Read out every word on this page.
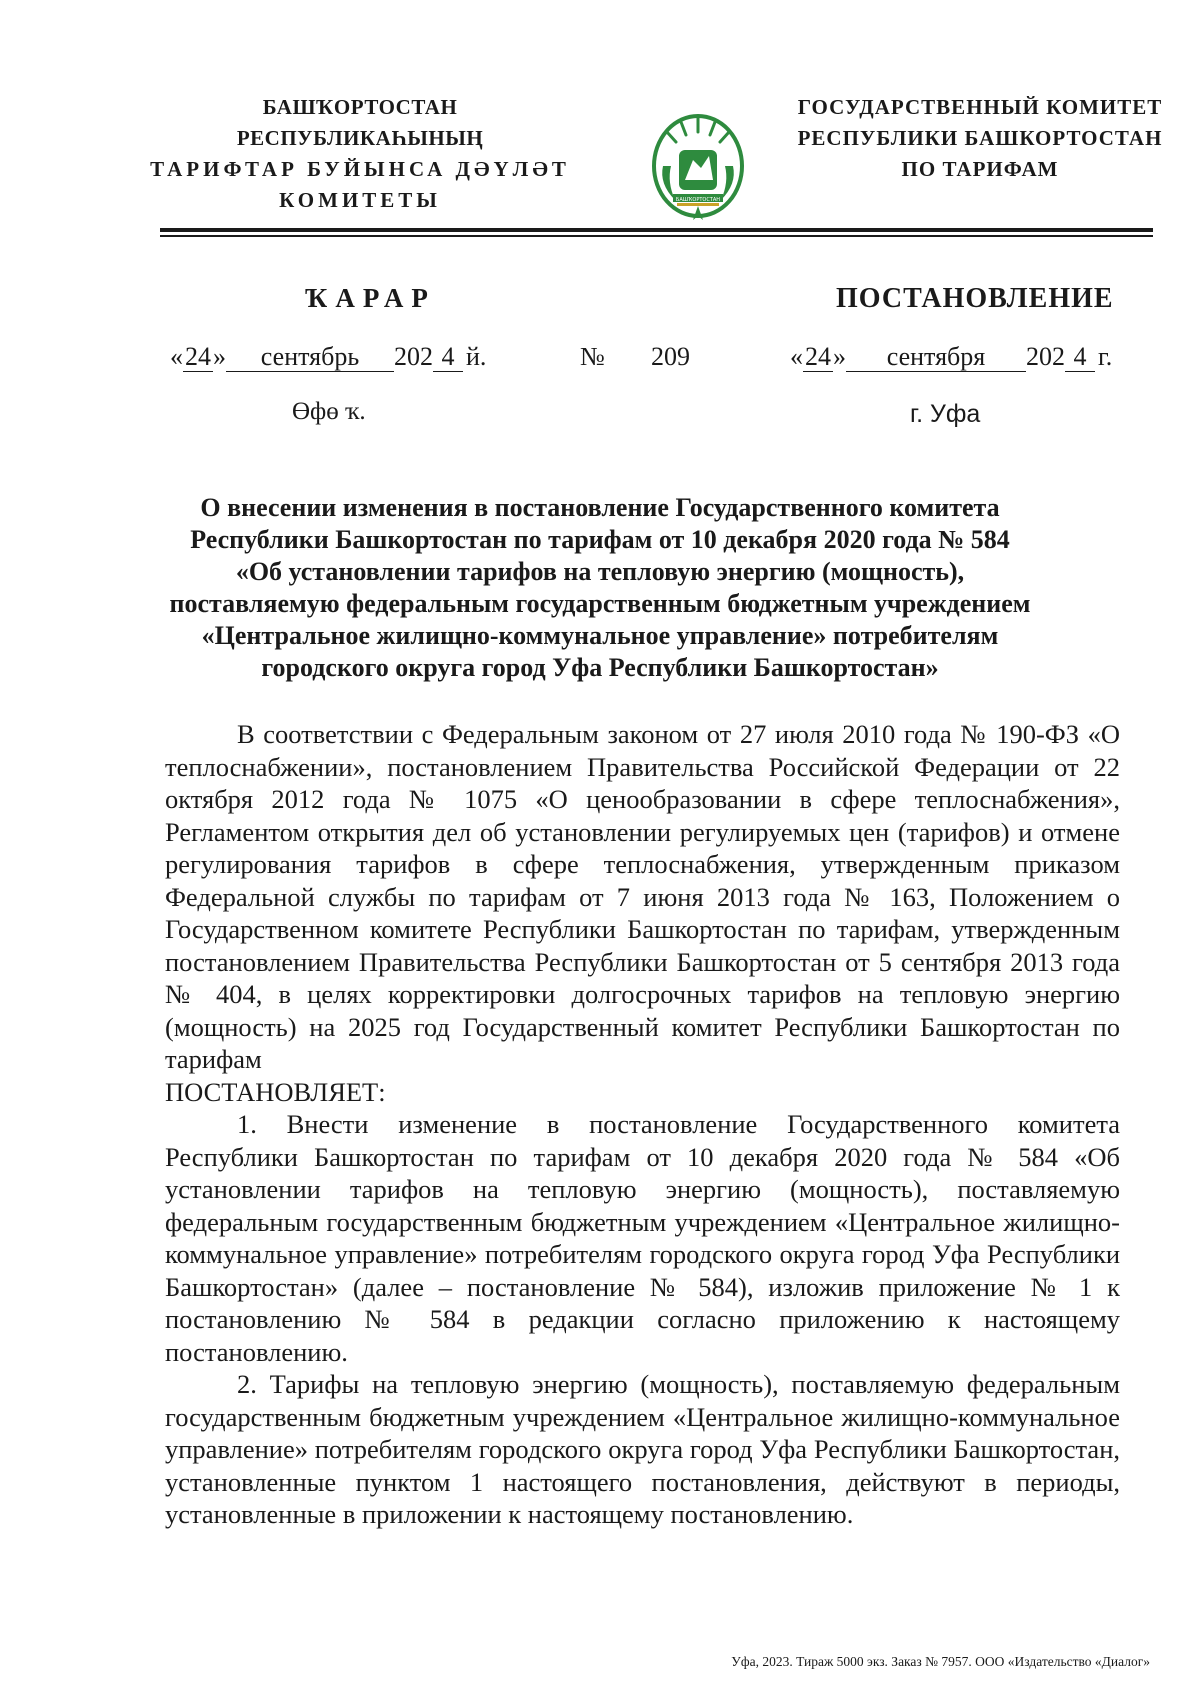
БАШҠОРТОСТАН РЕСПУБЛИКАҺЫНЫҢ
ТАРИФТАР БУЙЫНСА ДӘҮЛӘТ
КОМИТЕТЫ	БАШҠОРТОСТАН
ГОСУДАРСТВЕННЫЙ КОМИТЕТ
РЕСПУБЛИКИ БАШКОРТОСТАН
ПО ТАРИФАМ
ҠАРАР	ПОСТАНОВЛЕНИЕ
«24» сентябрь 202 4 й.	№ 209	«24» сентября 202 4 г.
Өфө ҡ.	г. Уфа
О внесении изменения в постановление Государственного комитета
Республики Башкортостан по тарифам от 10 декабря 2020 года № 584
«Об установлении тарифов на тепловую энергию (мощность),
поставляемую федеральным государственным бюджетным учреждением
«Центральное жилищно-коммунальное управление» потребителям
городского округа город Уфа Республики Башкортостан»

В соответствии с Федеральным законом от 27 июля 2010 года № 190-ФЗ «О теплоснабжении», постановлением Правительства Российской Федерации от 22 октября 2012 года № 1075 «О ценообразовании в сфере теплоснабжения», Регламентом открытия дел об установлении регулируемых цен (тарифов) и отмене регулирования тарифов в сфере теплоснабжения, утвержденным приказом Федеральной службы по тарифам от 7 июня 2013 года № 163, Положением о Государственном комитете Республики Башкортостан по тарифам, утвержденным постановлением Правительства Республики Башкортостан от 5 сентября 2013 года № 404, в целях корректировки долгосрочных тарифов на тепловую энергию (мощность) на 2025 год Государственный комитет Республики Башкортостан по тарифам

ПОСТАНОВЛЯЕТ:

1. Внести изменение в постановление Государственного комитета Республики Башкортостан по тарифам от 10 декабря 2020 года № 584 «Об установлении тарифов на тепловую энергию (мощность), поставляемую федеральным государственным бюджетным учреждением «Центральное жилищно-коммунальное управление» потребителям городского округа город Уфа Республики Башкортостан» (далее – постановление № 584), изложив приложение № 1 к постановлению № 584 в редакции согласно приложению к настоящему постановлению.

2. Тарифы на тепловую энергию (мощность), поставляемую федеральным государственным бюджетным учреждением «Центральное жилищно-коммунальное управление» потребителям городского округа город Уфа Республики Башкортостан, установленные пунктом 1 настоящего постановления, действуют в периоды, установленные в приложении к настоящему постановлению.

Уфа, 2023. Тираж 5000 экз. Заказ № 7957. ООО «Издательство «Диалог»
